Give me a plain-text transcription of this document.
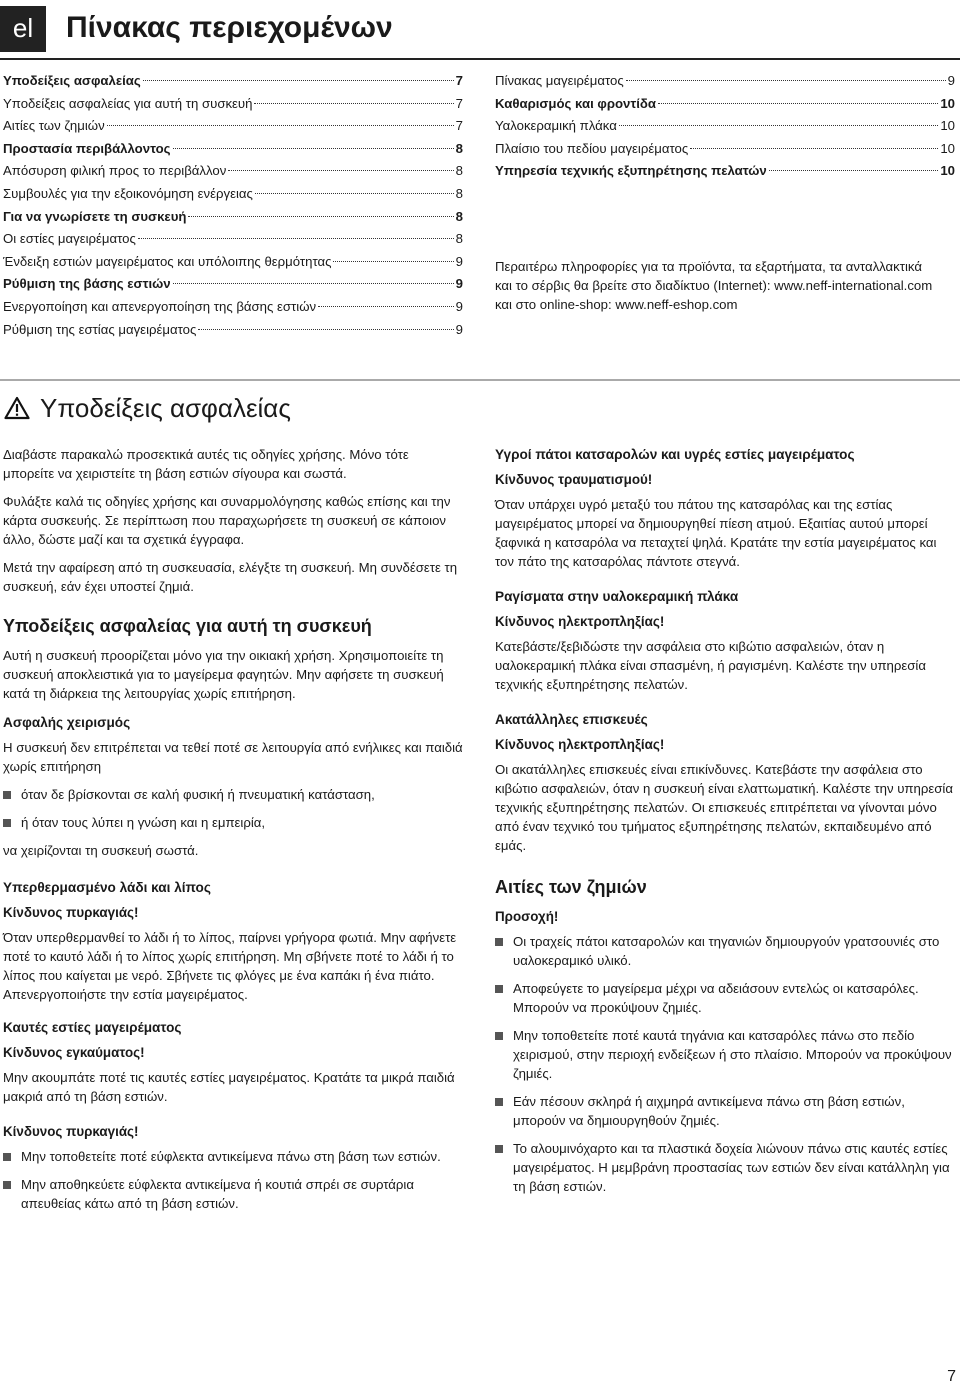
el	Πίνακας περιεχομένων
Υποδείξεις ασφαλείας	7
Υποδείξεις ασφαλείας για αυτή τη συσκευή	7
Αιτίες των ζημιών	7
Προστασία περιβάλλοντος	8
Απόσυρση φιλική προς το περιβάλλον	8
Συμβουλές για την εξοικονόμηση ενέργειας	8
Για να γνωρίσετε τη συσκευή	8
Οι εστίες μαγειρέματος	8
Ένδειξη εστιών μαγειρέματος και υπόλοιπης θερμότητας	9
Ρύθμιση της βάσης εστιών	9
Ενεργοποίηση και απενεργοποίηση της βάσης εστιών	9
Ρύθμιση της εστίας μαγειρέματος	9
Πίνακας μαγειρέματος	9
Καθαρισμός και φροντίδα	10
Υαλοκεραμική πλάκα	10
Πλαίσιο του πεδίου μαγειρέματος	10
Υπηρεσία τεχνικής εξυπηρέτησης πελατών	10

Περαιτέρω πληροφορίες για τα προϊόντα, τα εξαρτήματα, τα ανταλλακτικά και το σέρβις θα βρείτε στο διαδίκτυο (Internet): www.neff-international.com και στο online-shop: www.neff-eshop.com

Υποδείξεις ασφαλείας

Διαβάστε παρακαλώ προσεκτικά αυτές τις οδηγίες χρήσης. Μόνο τότε μπορείτε να χειριστείτε τη βάση εστιών σίγουρα και σωστά.

Φυλάξτε καλά τις οδηγίες χρήσης και συναρμολόγησης καθώς επίσης και την κάρτα συσκευής. Σε περίπτωση που παραχωρήσετε τη συσκευή σε κάποιον άλλο, δώστε μαζί και τα σχετικά έγγραφα.

Μετά την αφαίρεση από τη συσκευασία, ελέγξτε τη συσκευή. Μη συνδέσετε τη συσκευή, εάν έχει υποστεί ζημιά.

Υποδείξεις ασφαλείας για αυτή τη συσκευή

Αυτή η συσκευή προορίζεται μόνο για την οικιακή χρήση. Χρησιμοποιείτε τη συσκευή αποκλειστικά για το μαγείρεμα φαγητών. Μην αφήσετε τη συσκευή κατά τη διάρκεια της λειτουργίας χωρίς επιτήρηση.

Ασφαλής χειρισμός

Η συσκευή δεν επιτρέπεται να τεθεί ποτέ σε λειτουργία από ενήλικες και παιδιά χωρίς επιτήρηση

όταν δε βρίσκονται σε καλή φυσική ή πνευματική κατάσταση,
ή όταν τους λύπει η γνώση και η εμπειρία,

να χειρίζονται τη συσκευή σωστά.

Υπερθερμασμένο λάδι και λίπος
Κίνδυνος πυρκαγιάς!

Όταν υπερθερμανθεί το λάδι ή το λίπος, παίρνει γρήγορα φωτιά. Μην αφήνετε ποτέ το καυτό λάδι ή το λίπος χωρίς επιτήρηση. Μη σβήνετε ποτέ το λάδι ή το λίπος που καίγεται με νερό. Σβήνετε τις φλόγες με ένα καπάκι ή ένα πιάτο. Απενεργοποιήστε την εστία μαγειρέματος.

Καυτές εστίες μαγειρέματος
Κίνδυνος εγκαύματος!

Μην ακουμπάτε ποτέ τις καυτές εστίες μαγειρέματος. Κρατάτε τα μικρά παιδιά μακριά από τη βάση εστιών.

Κίνδυνος πυρκαγιάς!
Μην τοποθετείτε ποτέ εύφλεκτα αντικείμενα πάνω στη βάση των εστιών.
Μην αποθηκεύετε εύφλεκτα αντικείμενα ή κουτιά σπρέι σε συρτάρια απευθείας κάτω από τη βάση εστιών.
Υγροί πάτοι κατσαρολών και υγρές εστίες μαγειρέματος
Κίνδυνος τραυματισμού!

Όταν υπάρχει υγρό μεταξύ του πάτου της κατσαρόλας και της εστίας μαγειρέματος μπορεί να δημιουργηθεί πίεση ατμού. Εξαιτίας αυτού μπορεί ξαφνικά η κατσαρόλα να πεταχτεί ψηλά. Κρατάτε την εστία μαγειρέματος και τον πάτο της κατσαρόλας πάντοτε στεγνά.

Ραγίσματα στην υαλοκεραμική πλάκα
Κίνδυνος ηλεκτροπληξίας!

Κατεβάστε/ξεβιδώστε την ασφάλεια στο κιβώτιο ασφαλειών, όταν η υαλοκεραμική πλάκα είναι σπασμένη, ή ραγισμένη. Καλέστε την υπηρεσία τεχνικής εξυπηρέτησης πελατών.

Ακατάλληλες επισκευές
Κίνδυνος ηλεκτροπληξίας!

Οι ακατάλληλες επισκευές είναι επικίνδυνες. Κατεβάστε την ασφάλεια στο κιβώτιο ασφαλειών, όταν η συσκευή είναι ελαττωματική. Καλέστε την υπηρεσία τεχνικής εξυπηρέτησης πελατών. Οι επισκευές επιτρέπεται να γίνονται μόνο από έναν τεχνικό του τμήματος εξυπηρέτησης πελατών, εκπαιδευμένο από εμάς.

Αιτίες των ζημιών
Προσοχή!
Οι τραχείς πάτοι κατσαρολών και τηγανιών δημιουργούν γρατσουνιές στο υαλοκεραμικό υλικό.
Αποφεύγετε το μαγείρεμα μέχρι να αδειάσουν εντελώς οι κατσαρόλες. Μπορούν να προκύψουν ζημιές.
Μην τοποθετείτε ποτέ καυτά τηγάνια και κατσαρόλες πάνω στο πεδίο χειρισμού, στην περιοχή ενδείξεων ή στο πλαίσιο. Μπορούν να προκύψουν ζημιές.
Εάν πέσουν σκληρά ή αιχμηρά αντικείμενα πάνω στη βάση εστιών, μπορούν να δημιουργηθούν ζημιές.
Το αλουμινόχαρτο και τα πλαστικά δοχεία λιώνουν πάνω στις καυτές εστίες μαγειρέματος. Η μεμβράνη προστασίας των εστιών δεν είναι κατάλληλη για τη βάση εστιών.
7
